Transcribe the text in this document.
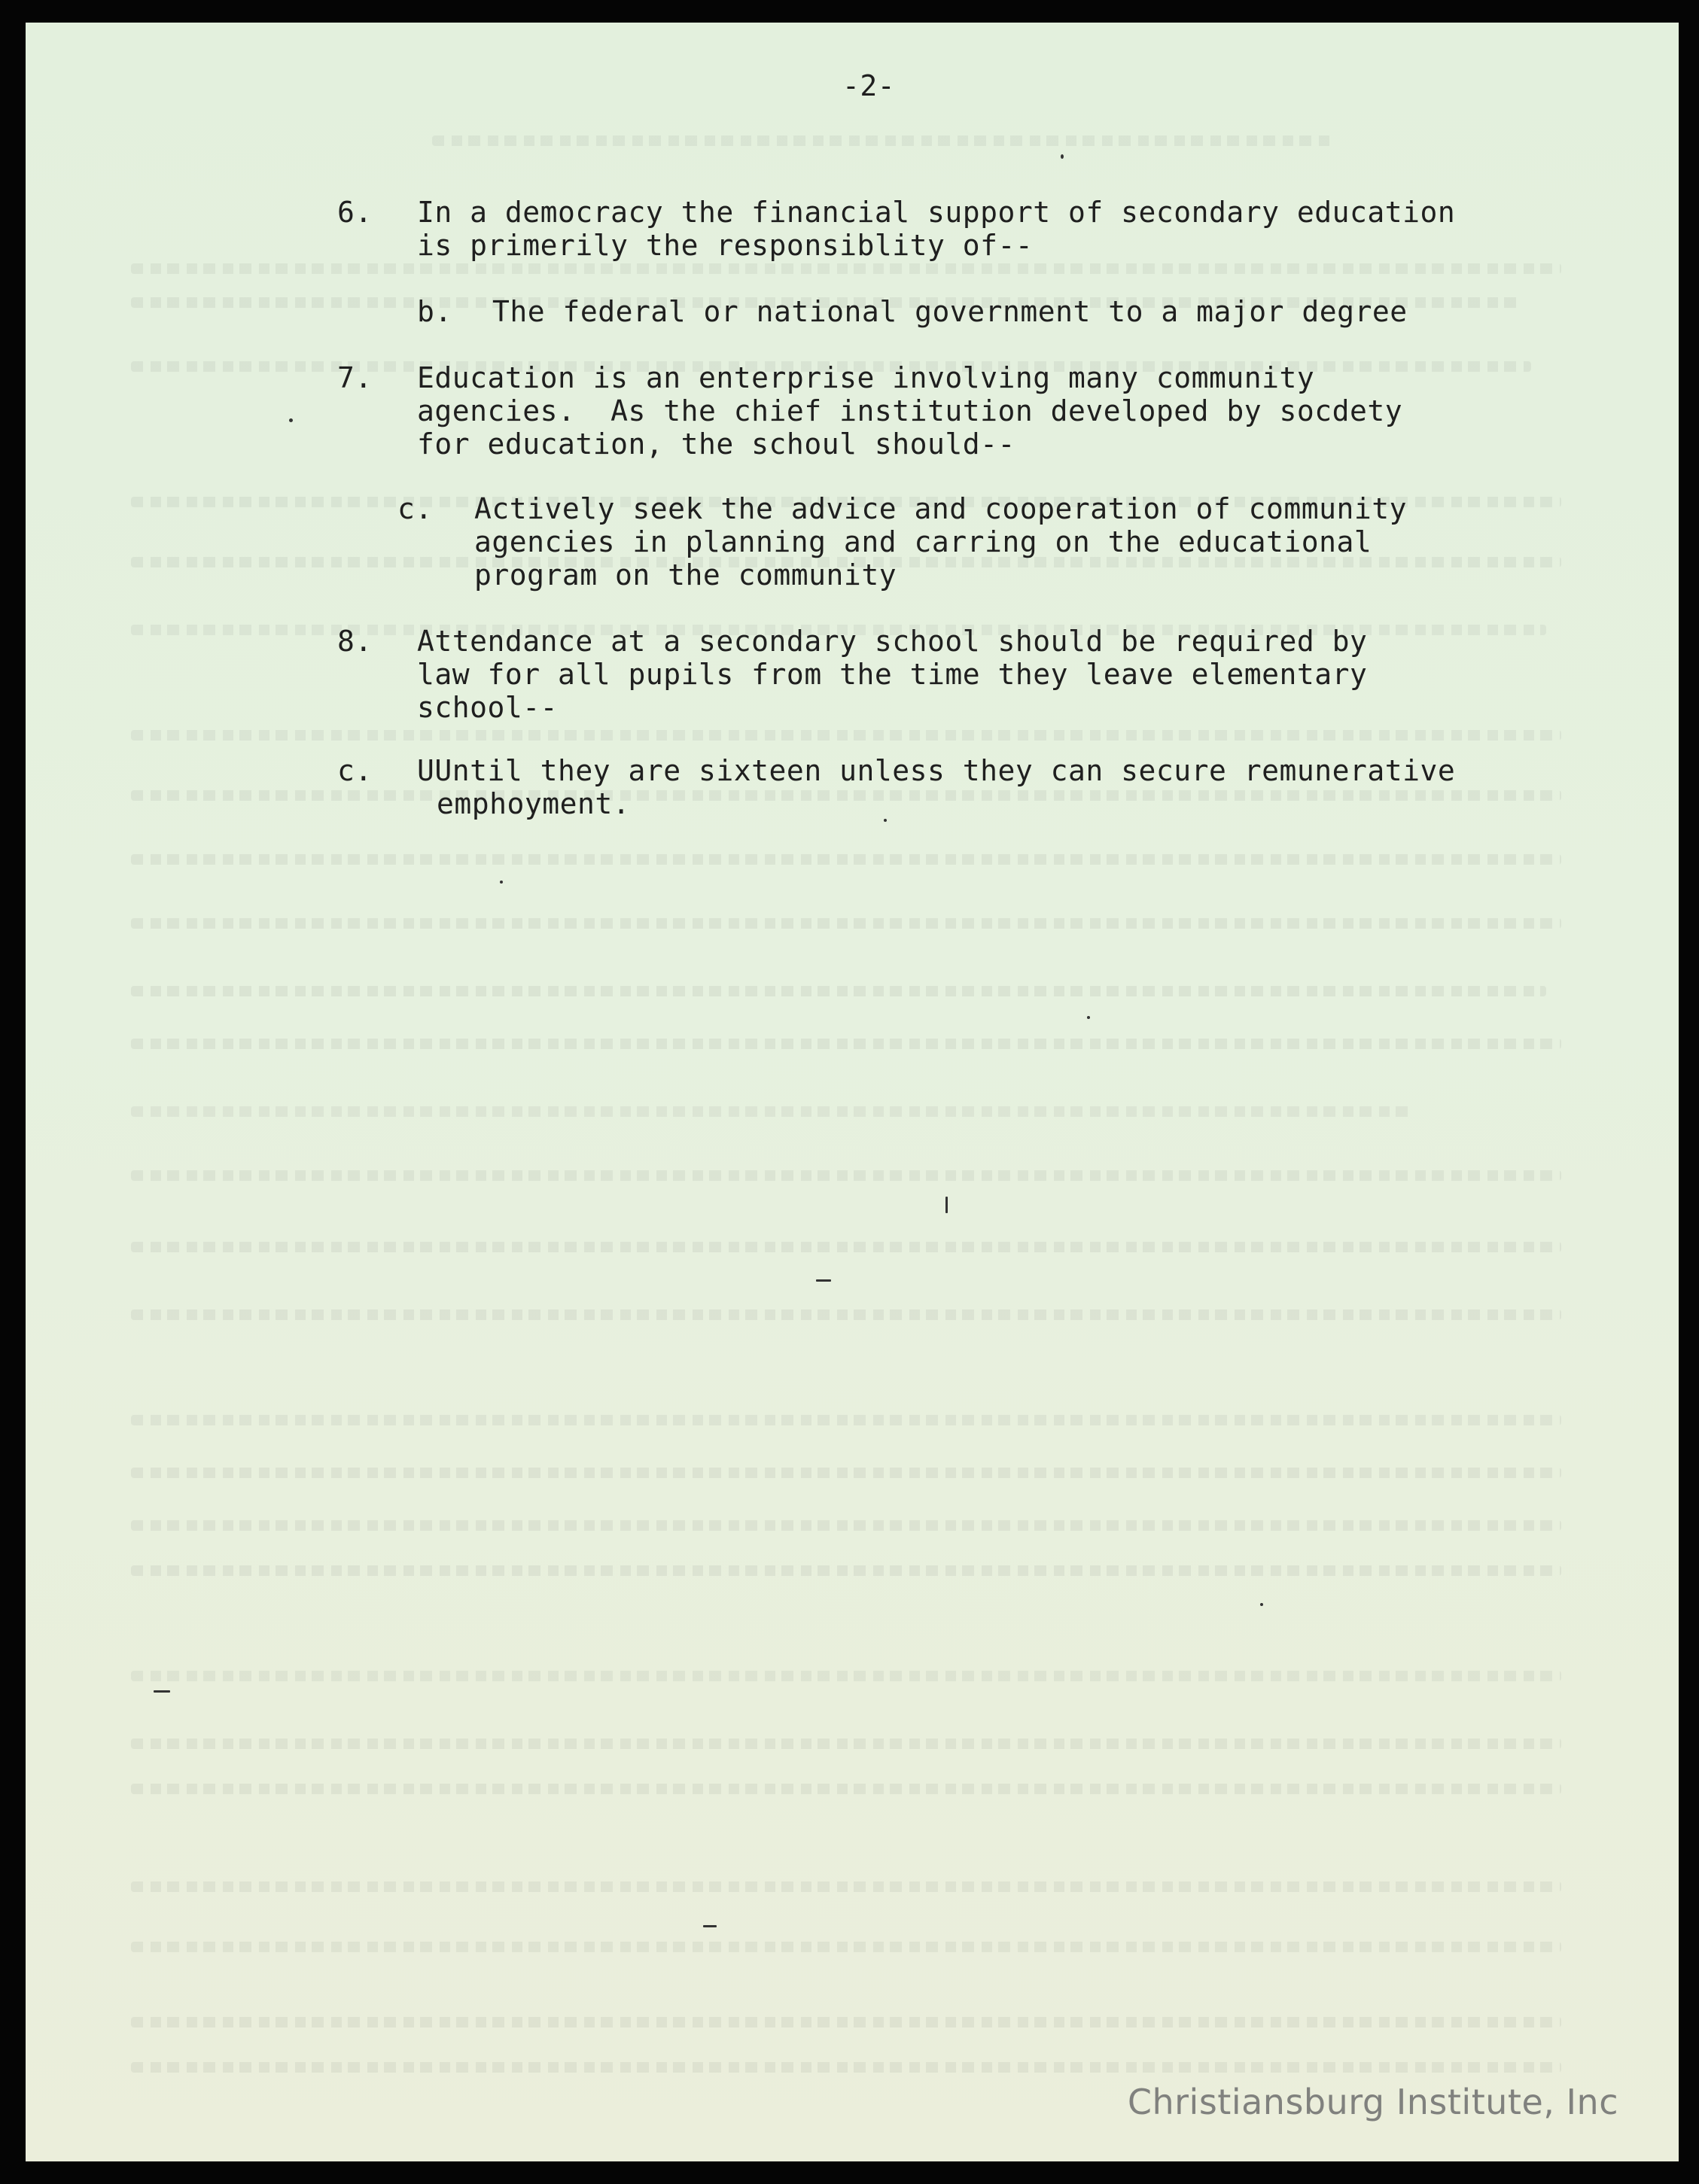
-2-
6. In a democracy the financial support of secondary education
is primerily the responsiblity of--
b. The federal or national government to a major degree
7. Education is an enterprise involving many community
agencies.  As the chief institution developed by socdety
for education, the schoul should--
c. Actively seek the advice and cooperation of community
agencies in planning and carring on the educational
program on the community
8. Attendance at a secondary school should be required by
law for all pupils from the time they leave elementary
school--
c. UUntil they are sixteen unless they can secure remunerative
emphoyment.
Christiansburg Institute, Inc
